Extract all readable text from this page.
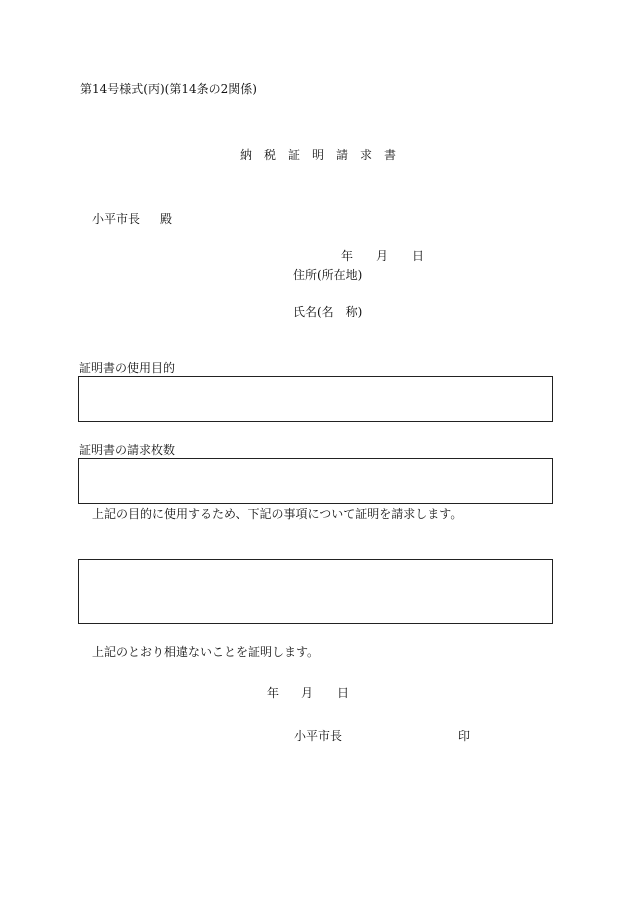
第14号様式(丙)(第14条の2関係)
納税証明請求書
小平市長 殿
年 月 日
住所(所在地)
氏名(名　称)
証明書の使用目的
証明書の請求枚数
上記の目的に使用するため、下記の事項について証明を請求します。
上記のとおり相違ないことを証明します。
年 月 日
小平市長	印
